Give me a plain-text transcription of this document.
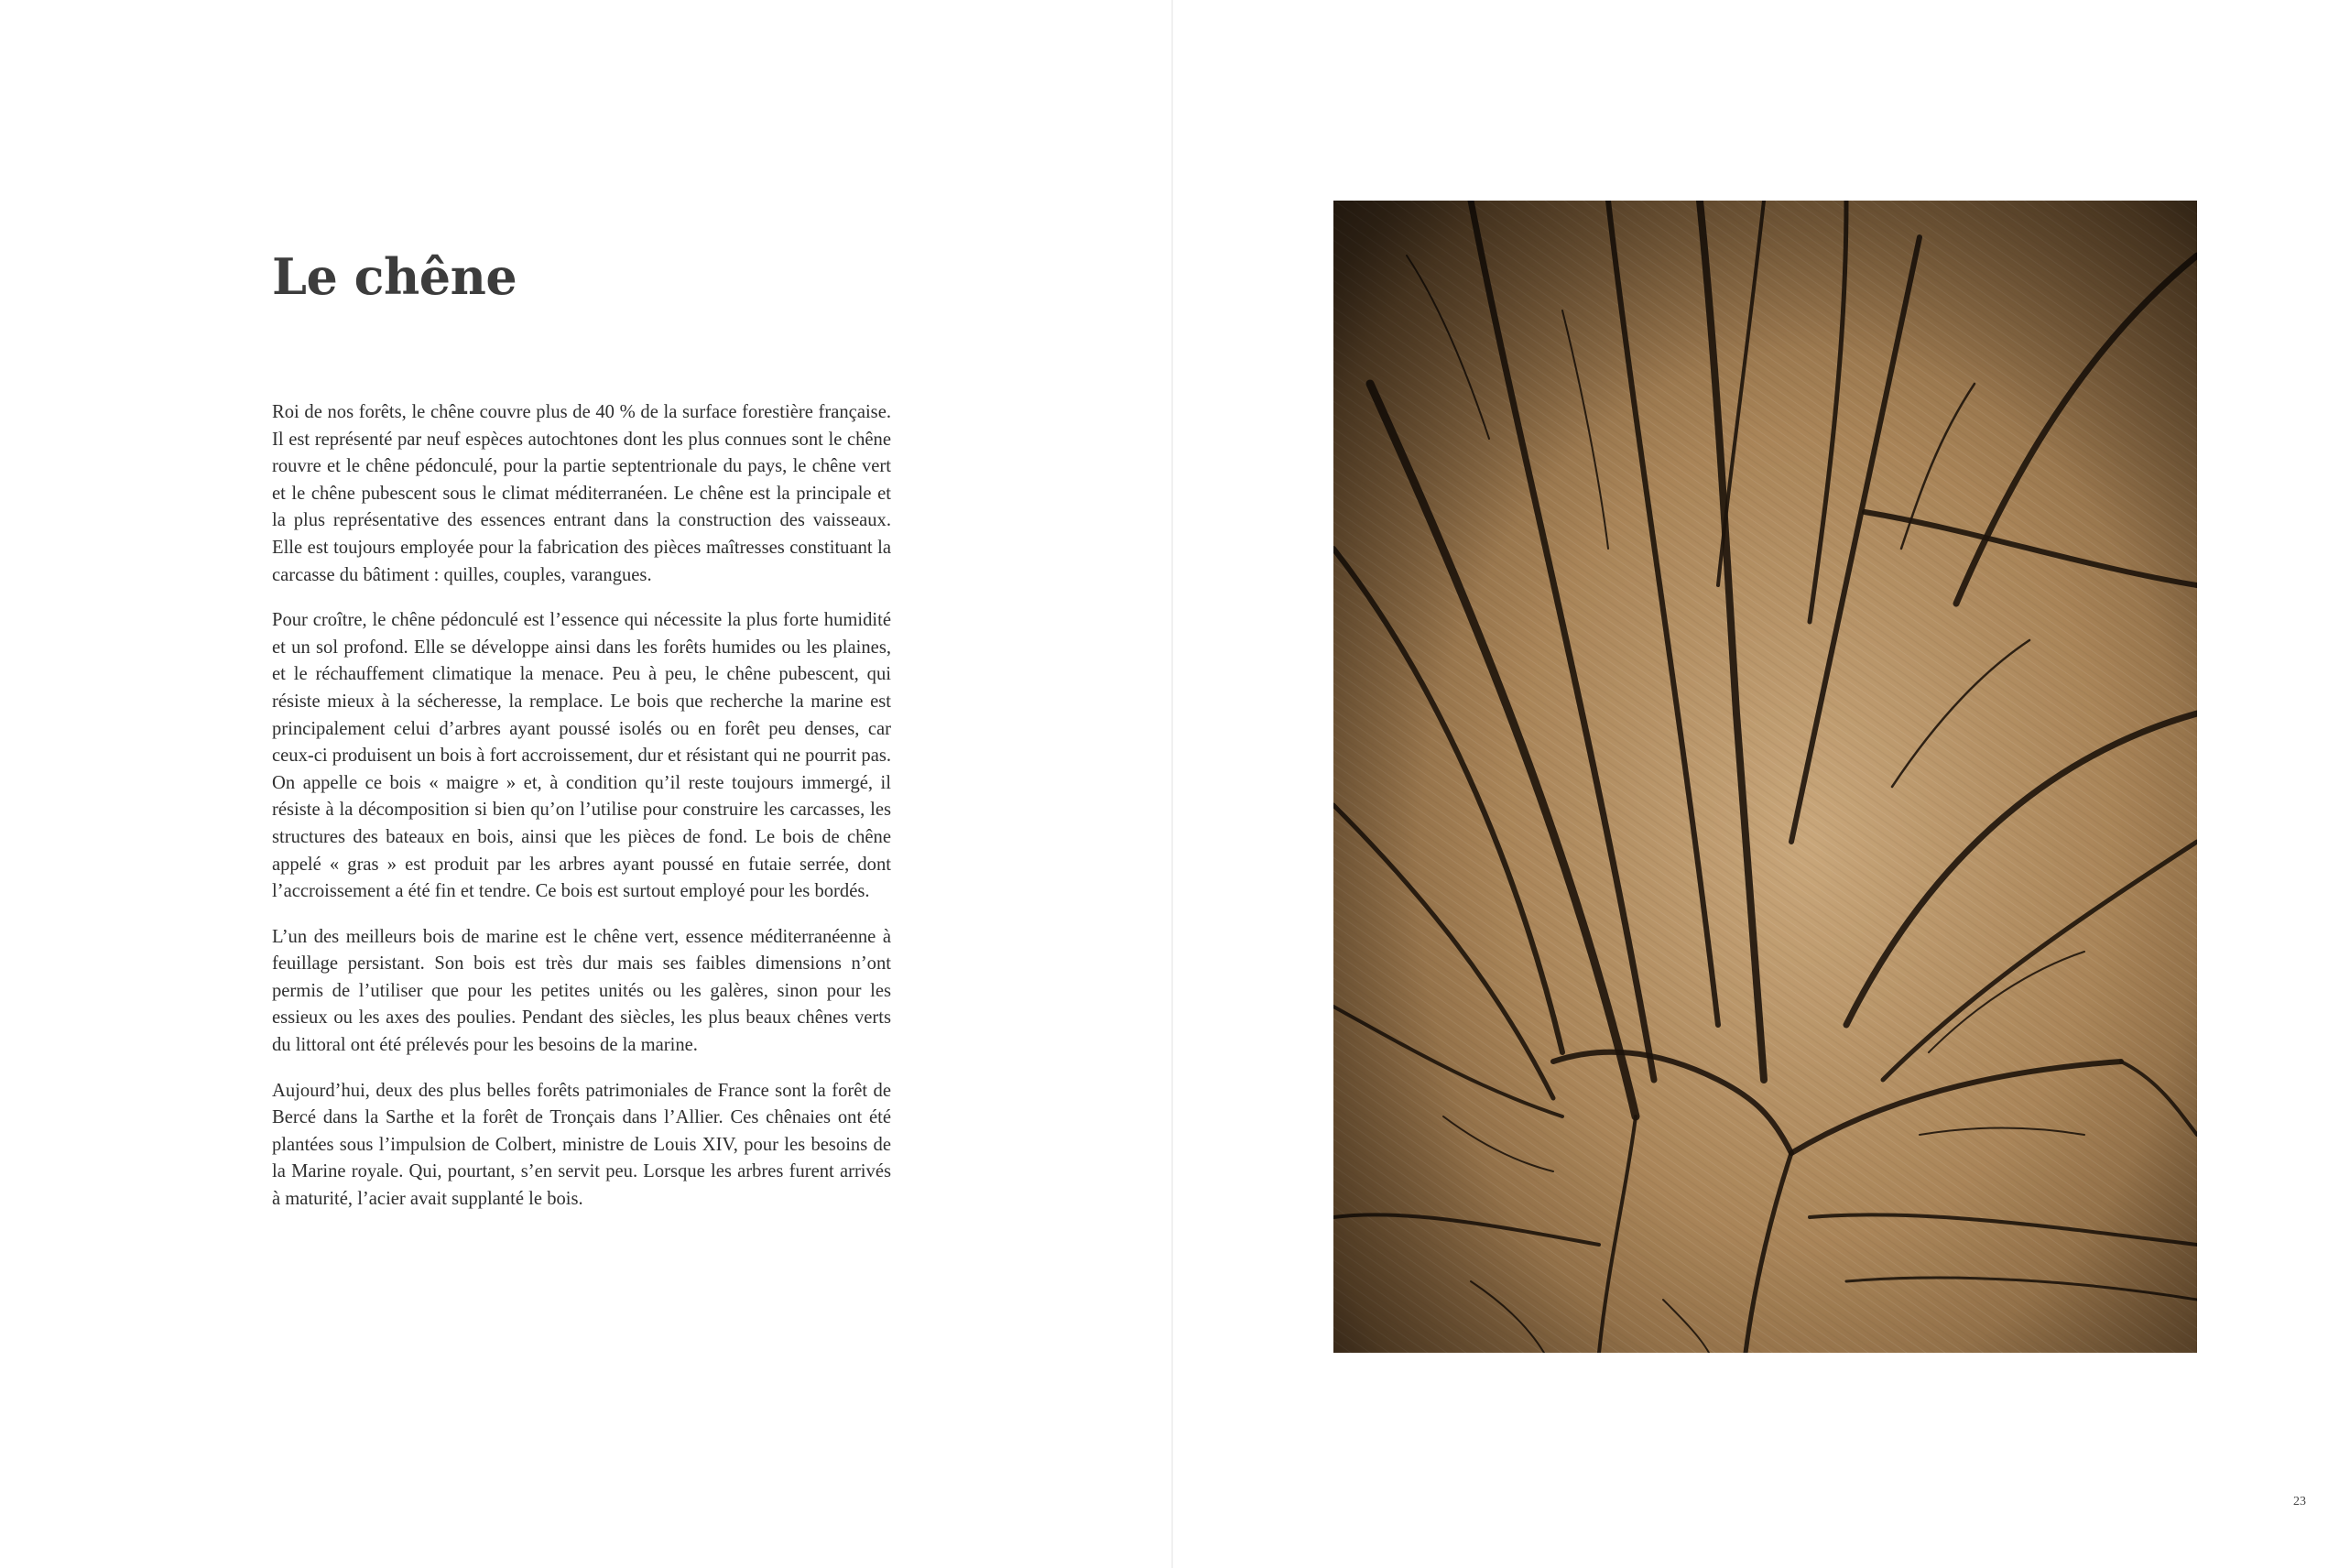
Le chêne

Roi de nos forêts, le chêne couvre plus de 40 % de la surface forestière française. Il est représenté par neuf espèces autochtones dont les plus connues sont le chêne rouvre et le chêne pédonculé, pour la partie septentrionale du pays, le chêne vert et le chêne pubescent sous le climat méditerranéen. Le chêne est la principale et la plus représentative des essences entrant dans la construction des vaisseaux. Elle est toujours employée pour la fabrication des pièces maîtresses constituant la carcasse du bâtiment : quilles, couples, varangues.

Pour croître, le chêne pédonculé est l’essence qui nécessite la plus forte humidité et un sol profond. Elle se développe ainsi dans les forêts humides ou les plaines, et le réchauffement climatique la menace. Peu à peu, le chêne pubescent, qui résiste mieux à la sécheresse, la remplace. Le bois que recherche la marine est principalement celui d’arbres ayant poussé isolés ou en forêt peu denses, car ceux-ci produisent un bois à fort accroissement, dur et résistant qui ne pourrit pas. On appelle ce bois « maigre » et, à condition qu’il reste toujours immergé, il résiste à la décomposition si bien qu’on l’utilise pour construire les carcasses, les structures des bateaux en bois, ainsi que les pièces de fond. Le bois de chêne appelé « gras » est produit par les arbres ayant poussé en futaie serrée, dont l’accroissement a été fin et tendre. Ce bois est surtout employé pour les bordés.

L’un des meilleurs bois de marine est le chêne vert, essence méditerranéenne à feuillage persistant. Son bois est très dur mais ses faibles dimensions n’ont permis de l’utiliser que pour les petites unités ou les galères, sinon pour les essieux ou les axes des poulies. Pendant des siècles, les plus beaux chênes verts du littoral ont été prélevés pour les besoins de la marine.

Aujourd’hui, deux des plus belles forêts patrimoniales de France sont la forêt de Bercé dans la Sarthe et la forêt de Tronçais dans l’Allier. Ces chênaies ont été plantées sous l’impulsion de Colbert, ministre de Louis XIV, pour les besoins de la Marine royale. Qui, pourtant, s’en servit peu. Lorsque les arbres furent arrivés à maturité, l’acier avait supplanté le bois.

23
